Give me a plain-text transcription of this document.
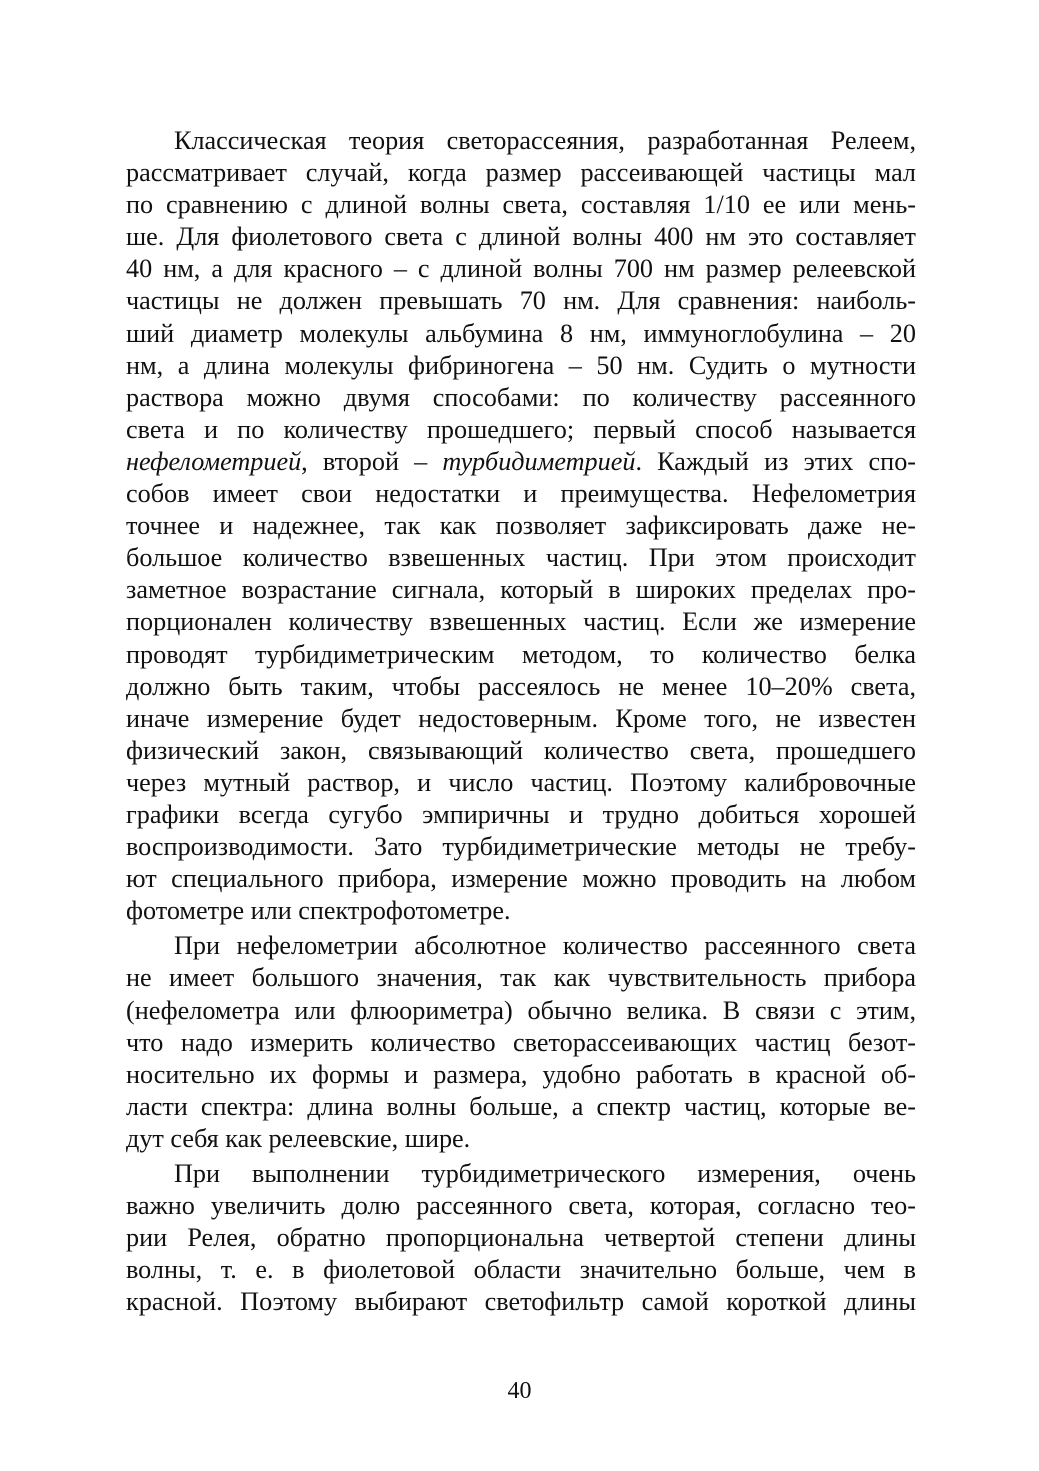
Классическая теория светорассеяния, разработанная Релеем,
рассматривает случай, когда размер рассеивающей частицы мал
по сравнению с длиной волны света, составляя 1/10 ее или мень-
ше. Для фиолетового света с длиной волны 400 нм это составляет
40 нм, а для красного – с длиной волны 700 нм размер релеевской
частицы не должен превышать 70 нм. Для сравнения: наиболь-
ший диаметр молекулы альбумина 8 нм, иммуноглобулина – 20
нм, а длина молекулы фибриногена – 50 нм. Судить о мутности
раствора можно двумя способами: по количеству рассеянного
света и по количеству прошедшего; первый способ называется
нефелометрией, второй – турбидиметрией. Каждый из этих спо-
собов имеет свои недостатки и преимущества. Нефелометрия
точнее и надежнее, так как позволяет зафиксировать даже не-
большое количество взвешенных частиц. При этом происходит
заметное возрастание сигнала, который в широких пределах про-
порционален количеству взвешенных частиц. Если же измерение
проводят турбидиметрическим методом, то количество белка
должно быть таким, чтобы рассеялось не менее 10–20% света,
иначе измерение будет недостоверным. Кроме того, не известен
физический закон, связывающий количество света, прошедшего
через мутный раствор, и число частиц. Поэтому калибровочные
графики всегда сугубо эмпиричны и трудно добиться хорошей
воспроизводимости. Зато турбидиметрические методы не требу-
ют специального прибора, измерение можно проводить на любом
фотометре или спектрофотометре.
При нефелометрии абсолютное количество рассеянного света
не имеет большого значения, так как чувствительность прибора
(нефелометра или флюориметра) обычно велика. В связи с этим,
что надо измерить количество светорассеивающих частиц безот-
носительно их формы и размера, удобно работать в красной об-
ласти спектра: длина волны больше, а спектр частиц, которые ве-
дут себя как релеевские, шире.
При выполнении турбидиметрического измерения, очень
важно увеличить долю рассеянного света, которая, согласно тео-
рии Релея, обратно пропорциональна четвертой степени длины
волны, т. е. в фиолетовой области значительно больше, чем в
красной. Поэтому выбирают светофильтр самой короткой длины
40
